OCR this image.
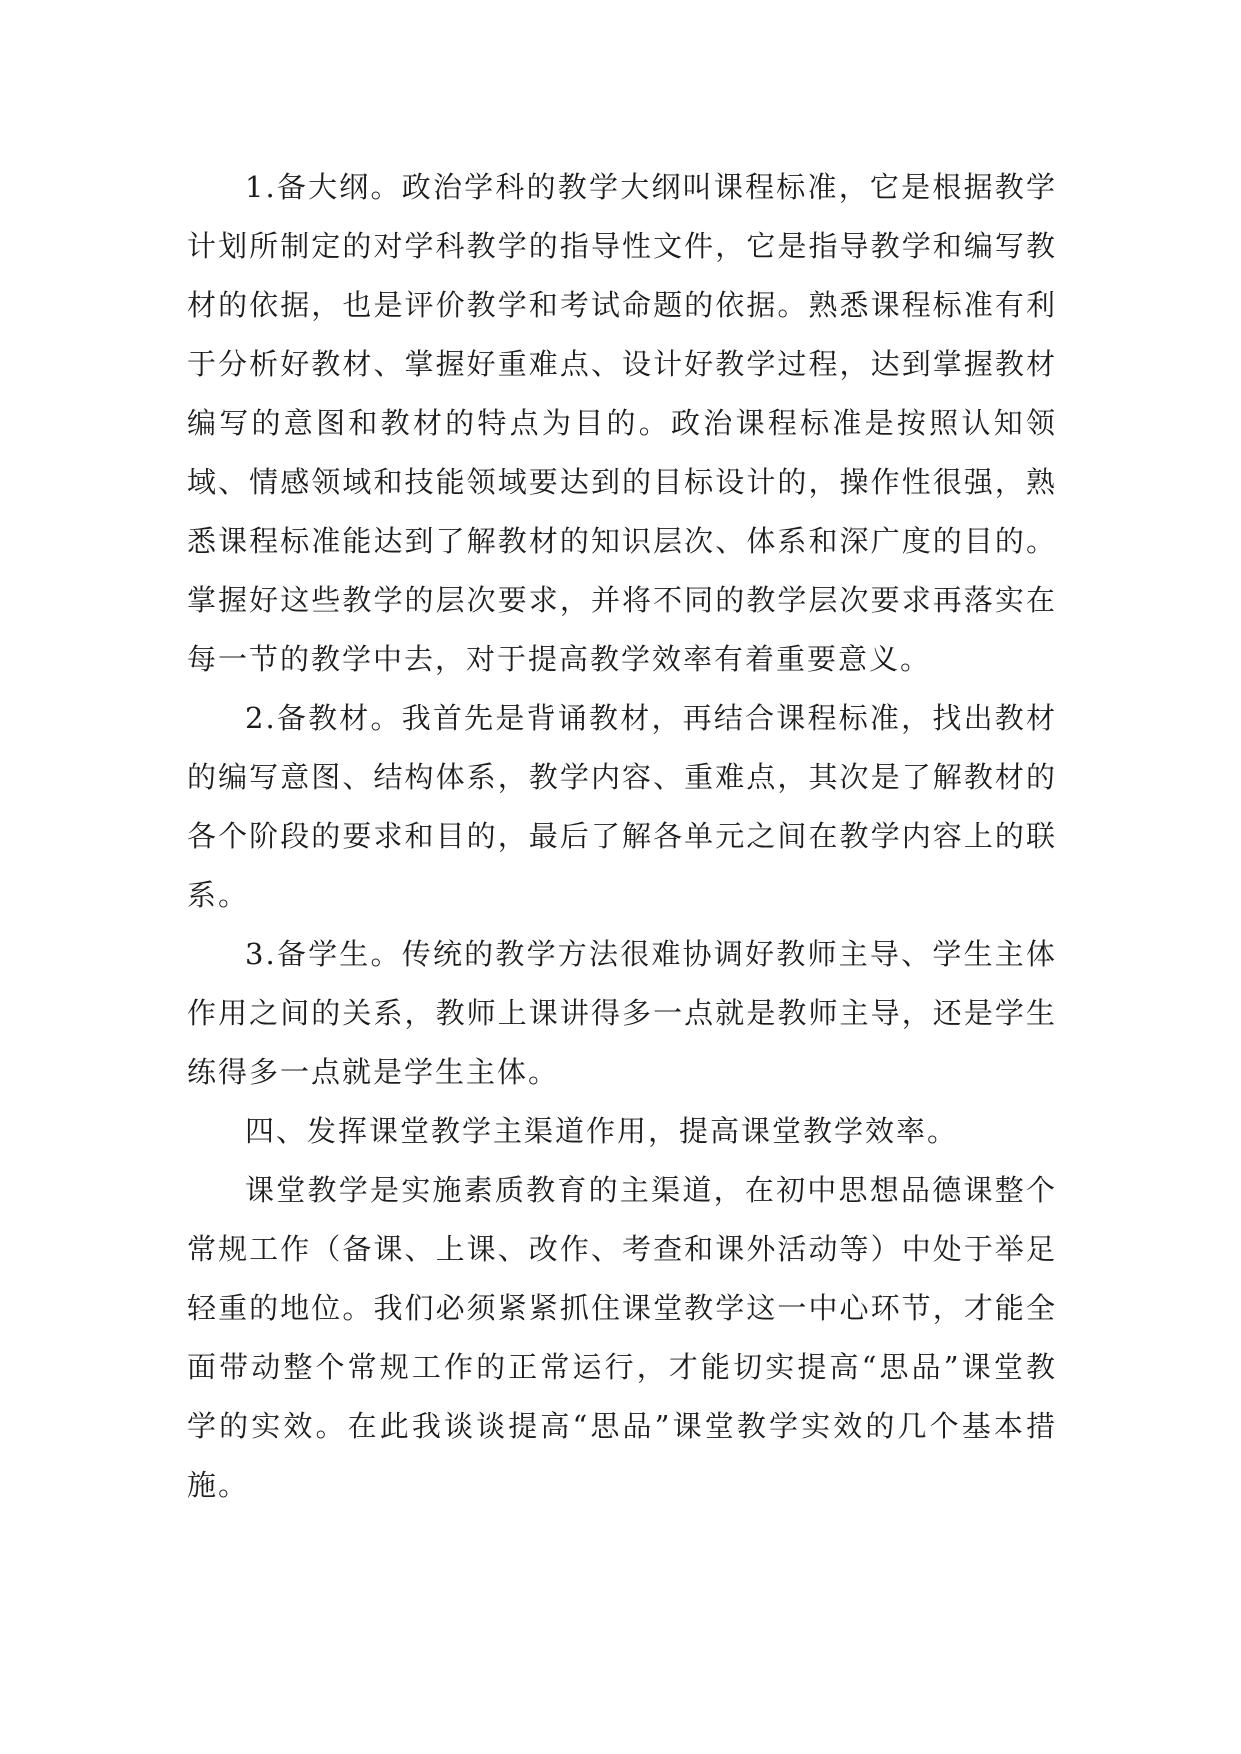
1.备大纲。政治学科的教学大纲叫课程标准，它是根据教学计划所制定的对学科教学的指导性文件，它是指导教学和编写教材的依据，也是评价教学和考试命题的依据。熟悉课程标准有利于分析好教材、掌握好重难点、设计好教学过程，达到掌握教材编写的意图和教材的特点为目的。政治课程标准是按照认知领域、情感领域和技能领域要达到的目标设计的，操作性很强，熟悉课程标准能达到了解教材的知识层次、体系和深广度的目的。掌握好这些教学的层次要求，并将不同的教学层次要求再落实在每一节的教学中去，对于提高教学效率有着重要意义。

2.备教材。我首先是背诵教材，再结合课程标准，找出教材的编写意图、结构体系，教学内容、重难点，其次是了解教材的各个阶段的要求和目的，最后了解各单元之间在教学内容上的联系。

3.备学生。传统的教学方法很难协调好教师主导、学生主体作用之间的关系，教师上课讲得多一点就是教师主导，还是学生练得多一点就是学生主体。

四、发挥课堂教学主渠道作用，提高课堂教学效率。

课堂教学是实施素质教育的主渠道，在初中思想品德课整个常规工作（备课、上课、改作、考查和课外活动等）中处于举足轻重的地位。我们必须紧紧抓住课堂教学这一中心环节，才能全面带动整个常规工作的正常运行，才能切实提高“思品”课堂教学的实效。在此我谈谈提高“思品”课堂教学实效的几个基本措施。
